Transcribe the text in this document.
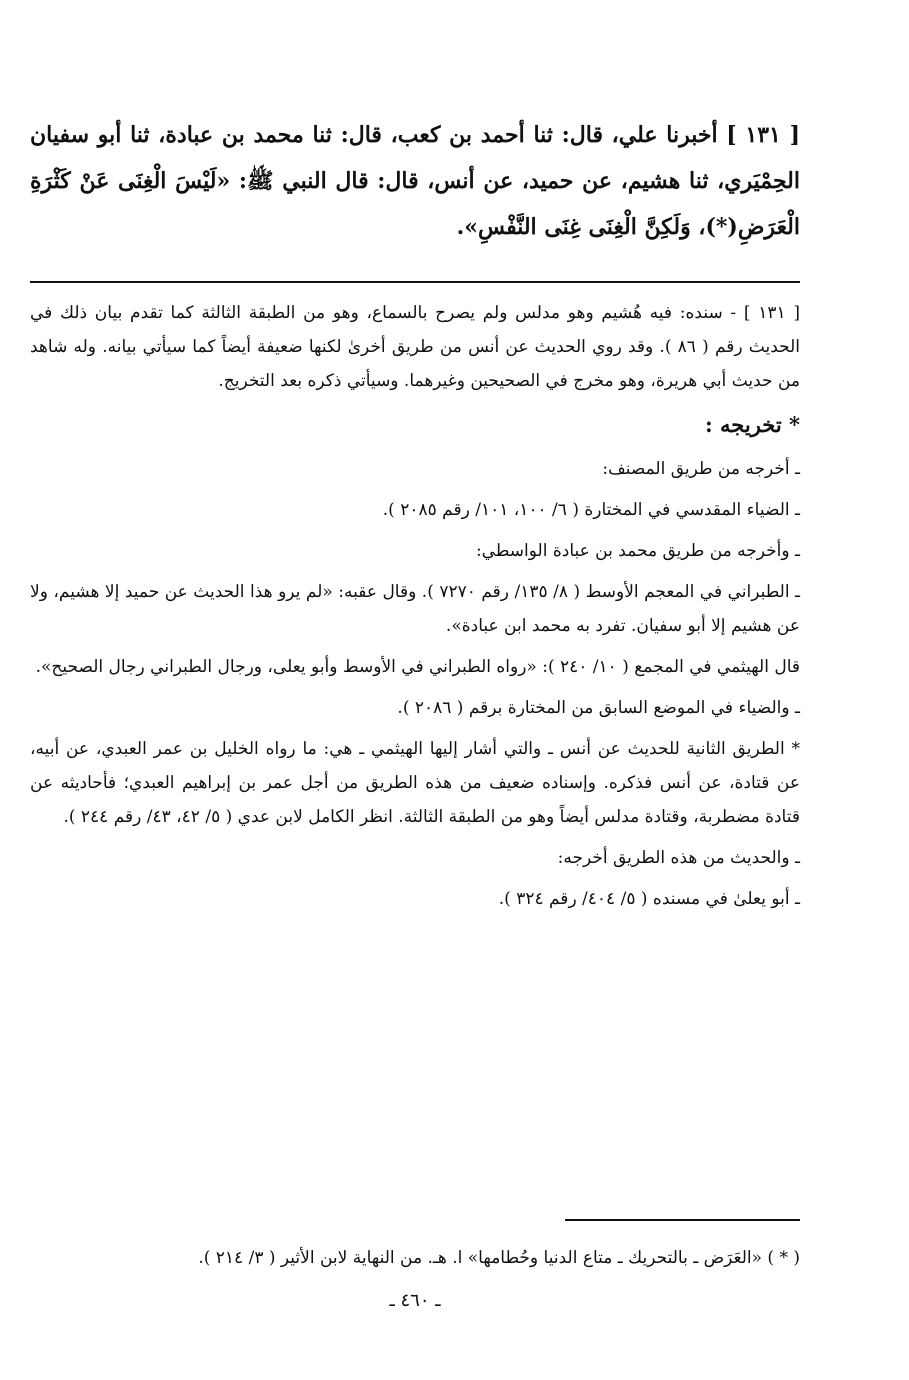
[ ١٣١ ] أخبرنا علي، قال: ثنا أحمد بن كعب، قال: ثنا محمد بن عبادة، ثنا أبو سفيان الحِمْيَري، ثنا هشيم، عن حميد، عن أنس، قال: قال النبي ﷺ: «لَيْسَ الْغِنَى عَنْ كَثْرَةِ الْعَرَضِ(*)، وَلَكِنَّ الْغِنَى غِنَى النَّفْسِ».

[ ١٣١ ] - سنده: فيه هُشيم وهو مدلس ولم يصرح بالسماع، وهو من الطبقة الثالثة كما تقدم بيان ذلك في الحديث رقم ( ٨٦ ). وقد روي الحديث عن أنس من طريق أخرىٰ لكنها ضعيفة أيضاً كما سيأتي بيانه. وله شاهد من حديث أبي هريرة، وهو مخرج في الصحيحين وغيرهما. وسيأتي ذكره بعد التخريج.

* تخريجه :

ـ أخرجه من طريق المصنف:

ـ الضياء المقدسي في المختارة ( ٦/ ١٠٠، ١٠١/ رقم ٢٠٨٥ ).

ـ وأخرجه من طريق محمد بن عبادة الواسطي:

ـ الطبراني في المعجم الأوسط ( ٨/ ١٣٥/ رقم ٧٢٧٠ ). وقال عقبه: «لم يرو هذا الحديث عن حميد إلا هشيم، ولا عن هشيم إلا أبو سفيان. تفرد به محمد ابن عبادة».

قال الهيثمي في المجمع ( ١٠/ ٢٤٠ ): «رواه الطبراني في الأوسط وأبو يعلى، ورجال الطبراني رجال الصحيح».

ـ والضياء في الموضع السابق من المختارة برقم ( ٢٠٨٦ ).

* الطريق الثانية للحديث عن أنس ـ والتي أشار إليها الهيثمي ـ هي: ما رواه الخليل بن عمر العبدي، عن أبيه، عن قتادة، عن أنس فذكره. وإسناده ضعيف من هذه الطريق من أجل عمر بن إبراهيم العبدي؛ فأحاديثه عن قتادة مضطربة، وقتادة مدلس أيضاً وهو من الطبقة الثالثة. انظر الكامل لابن عدي ( ٥/ ٤٢، ٤٣/ رقم ٢٤٤ ).

ـ والحديث من هذه الطريق أخرجه:

ـ أبو يعلىٰ في مسنده ( ٥/ ٤٠٤/ رقم ٣٢٤ ).

( * ) «العَرَض ـ بالتحريك ـ متاع الدنيا وحُطامها» ا. هـ. من النهاية لابن الأثير ( ٣/ ٢١٤ ).
ـ ٤٦٠ ـ
